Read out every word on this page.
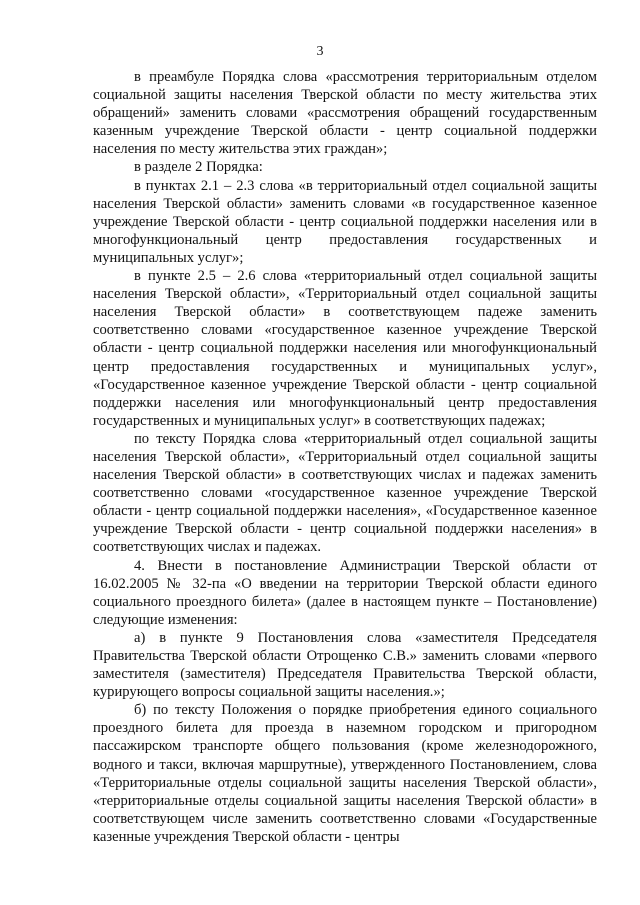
3

в преамбуле Порядка слова «рассмотрения территориальным отделом социальной защиты населения Тверской области по месту жительства этих обращений» заменить словами «рассмотрения обращений государственным казенным учреждение Тверской области - центр социальной поддержки населения по месту жительства этих граждан»;

в разделе 2 Порядка:

в пунктах 2.1 – 2.3 слова «в территориальный отдел социальной защиты населения Тверской области» заменить словами «в государственное казенное учреждение Тверской области - центр социальной поддержки населения или в многофункциональный центр предоставления государственных и муниципальных услуг»;

в пункте 2.5 – 2.6 слова «территориальный отдел социальной защиты населения Тверской области», «Территориальный отдел социальной защиты населения Тверской области» в соответствующем падеже заменить соответственно словами «государственное казенное учреждение Тверской области - центр социальной поддержки населения или многофункциональный центр предоставления государственных и муниципальных услуг», «Государственное казенное учреждение Тверской области - центр социальной поддержки населения или многофункциональный центр предоставления государственных и муниципальных услуг» в соответствующих падежах;

по тексту Порядка слова «территориальный отдел социальной защиты населения Тверской области», «Территориальный отдел социальной защиты населения Тверской области» в соответствующих числах и падежах заменить соответственно словами «государственное казенное учреждение Тверской области - центр социальной поддержки населения», «Государственное казенное учреждение Тверской области - центр социальной поддержки населения» в соответствующих числах и падежах.

4. Внести в постановление Администрации Тверской области от 16.02.2005 № 32-па «О введении на территории Тверской области единого социального проездного билета» (далее в настоящем пункте – Постановление) следующие изменения:

а) в пункте 9 Постановления слова «заместителя Председателя Правительства Тверской области Отрощенко С.В.» заменить словами «первого заместителя (заместителя) Председателя Правительства Тверской области, курирующего вопросы социальной защиты населения.»;

б) по тексту Положения о порядке приобретения единого социального проездного билета для проезда в наземном городском и пригородном пассажирском транспорте общего пользования (кроме железнодорожного, водного и такси, включая маршрутные), утвержденного Постановлением, слова «Территориальные отделы социальной защиты населения Тверской области», «территориальные отделы социальной защиты населения Тверской области» в соответствующем числе заменить соответственно словами «Государственные казенные учреждения Тверской области - центры
